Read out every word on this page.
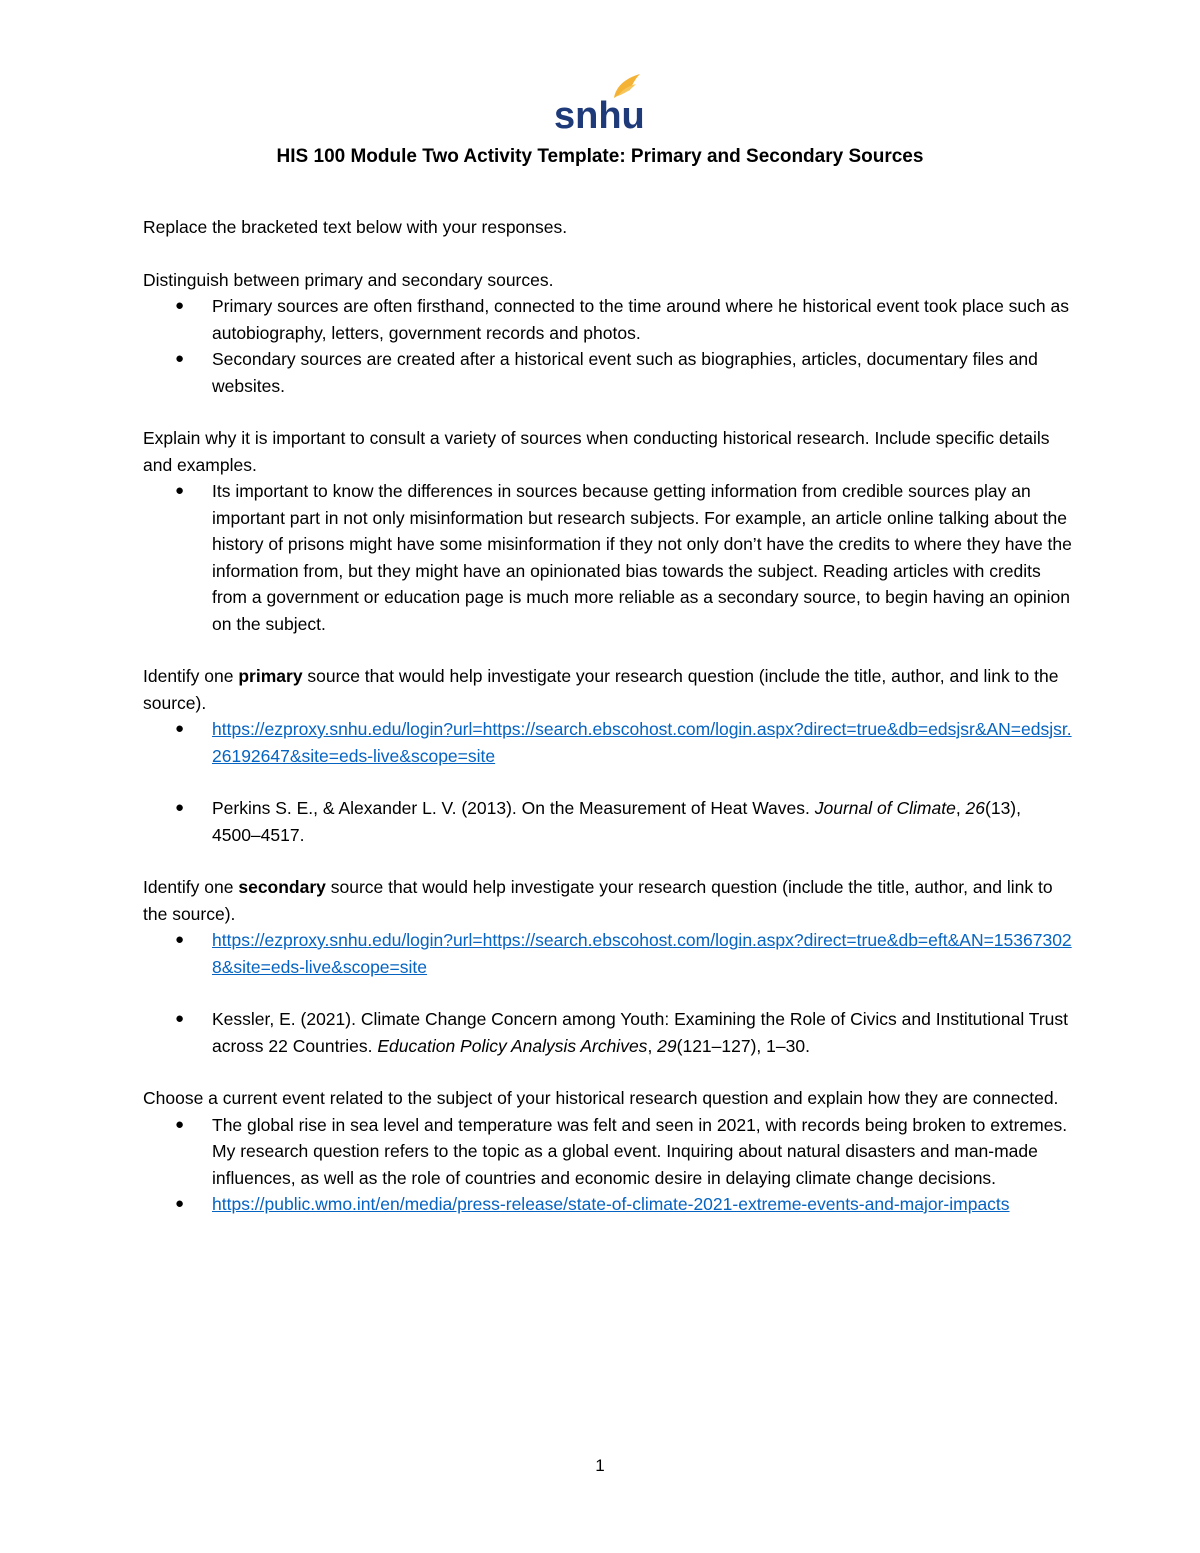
snhu
HIS 100 Module Two Activity Template: Primary and Secondary Sources

Replace the bracketed text below with your responses.

Distinguish between primary and secondary sources.

● Primary sources are often firsthand, connected to the time around where he historical event took place such as autobiography, letters, government records and photos.
● Secondary sources are created after a historical event such as biographies, articles, documentary files and websites.

Explain why it is important to consult a variety of sources when conducting historical research. Include specific details and examples.

● Its important to know the differences in sources because getting information from credible sources play an important part in not only misinformation but research subjects. For example, an article online talking about the history of prisons might have some misinformation if they not only don’t have the credits to where they have the information from, but they might have an opinionated bias towards the subject. Reading articles with credits from a government or education page is much more reliable as a secondary source, to begin having an opinion on the subject.

Identify one primary source that would help investigate your research question (include the title, author, and link to the source).

● https://ezproxy.snhu.edu/login?url=https://search.ebscohost.com/login.aspx?direct=true&db=edsjsr&AN=edsjsr.26192647&site=eds-live&scope=site
● Perkins S. E., & Alexander L. V. (2013). On the Measurement of Heat Waves. Journal of Climate, 26(13), 4500–4517.

Identify one secondary source that would help investigate your research question (include the title, author, and link to the source).

● https://ezproxy.snhu.edu/login?url=https://search.ebscohost.com/login.aspx?direct=true&db=eft&AN=153673028&site=eds-live&scope=site
● Kessler, E. (2021). Climate Change Concern among Youth: Examining the Role of Civics and Institutional Trust across 22 Countries. Education Policy Analysis Archives, 29(121–127), 1–30.

Choose a current event related to the subject of your historical research question and explain how they are connected.

● The global rise in sea level and temperature was felt and seen in 2021, with records being broken to extremes. My research question refers to the topic as a global event. Inquiring about natural disasters and man-made influences, as well as the role of countries and economic desire in delaying climate change decisions.
● https://public.wmo.int/en/media/press-release/state-of-climate-2021-extreme-events-and-major-impacts
1
